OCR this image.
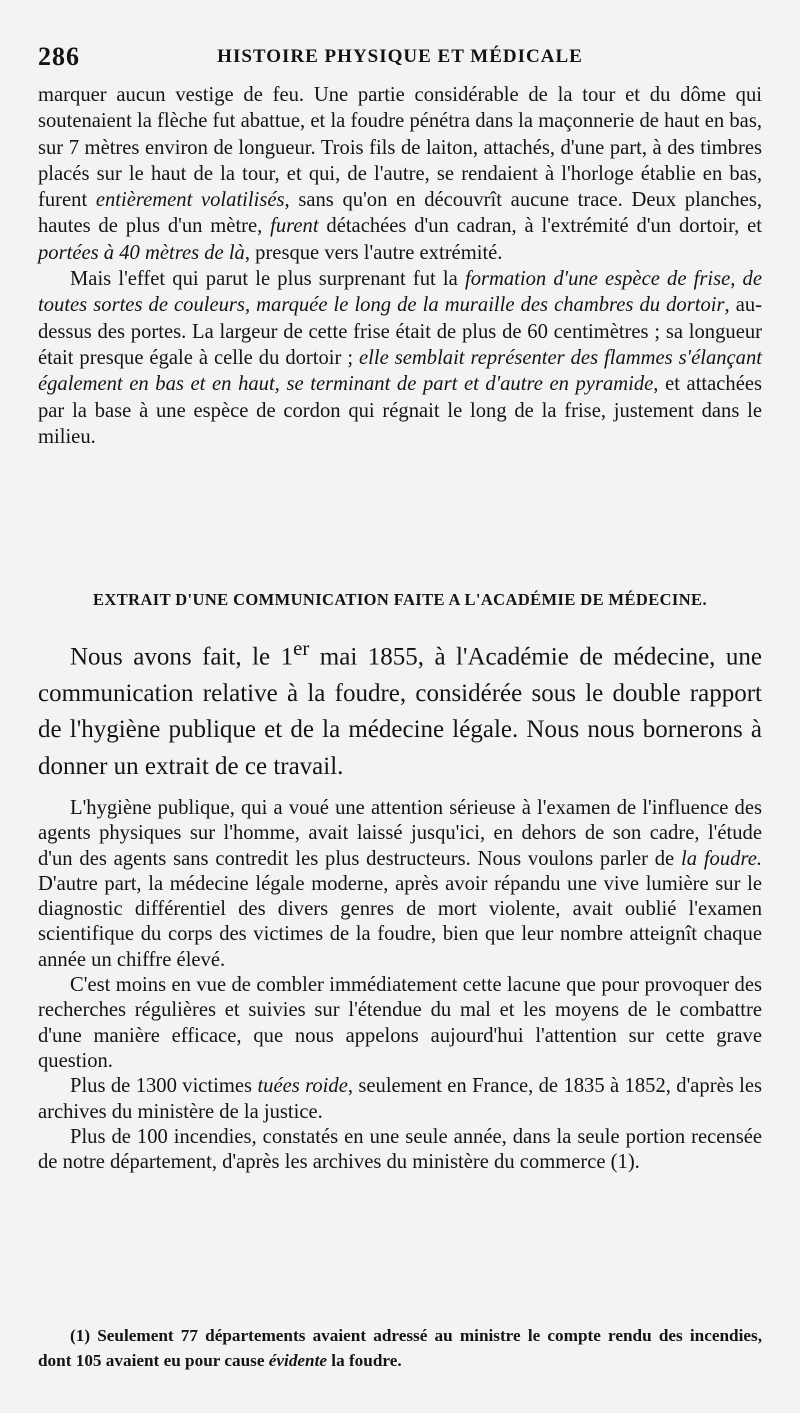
286	HISTOIRE PHYSIQUE ET MÉDICALE

marquer aucun vestige de feu. Une partie considérable de la tour et du dôme qui soutenaient la flèche fut abattue, et la foudre pénétra dans la maçonnerie de haut en bas, sur 7 mètres environ de longueur. Trois fils de laiton, attachés, d'une part, à des timbres placés sur le haut de la tour, et qui, de l'autre, se rendaient à l'horloge établie en bas, furent entièrement volatilisés, sans qu'on en découvrît aucune trace. Deux planches, hautes de plus d'un mètre, furent détachées d'un cadran, à l'extrémité d'un dortoir, et portées à 40 mètres de là, presque vers l'autre extrémité.

Mais l'effet qui parut le plus surprenant fut la formation d'une espèce de frise, de toutes sortes de couleurs, marquée le long de la muraille des chambres du dortoir, au-dessus des portes. La largeur de cette frise était de plus de 60 centimètres ; sa longueur était presque égale à celle du dortoir ; elle semblait représenter des flammes s'élançant également en bas et en haut, se terminant de part et d'autre en pyramide, et attachées par la base à une espèce de cordon qui régnait le long de la frise, justement dans le milieu.

EXTRAIT D'UNE COMMUNICATION FAITE A L'ACADÉMIE DE MÉDECINE.

Nous avons fait, le 1er mai 1855, à l'Académie de médecine, une communication relative à la foudre, considérée sous le double rapport de l'hygiène publique et de la médecine légale. Nous nous bornerons à donner un extrait de ce travail.

L'hygiène publique, qui a voué une attention sérieuse à l'examen de l'influence des agents physiques sur l'homme, avait laissé jusqu'ici, en dehors de son cadre, l'étude d'un des agents sans contredit les plus destructeurs. Nous voulons parler de la foudre. D'autre part, la médecine légale moderne, après avoir répandu une vive lumière sur le diagnostic différentiel des divers genres de mort violente, avait oublié l'examen scientifique du corps des victimes de la foudre, bien que leur nombre atteignît chaque année un chiffre élevé.

C'est moins en vue de combler immédiatement cette lacune que pour provoquer des recherches régulières et suivies sur l'étendue du mal et les moyens de le combattre d'une manière efficace, que nous appelons aujourd'hui l'attention sur cette grave question.

Plus de 1300 victimes tuées roide, seulement en France, de 1835 à 1852, d'après les archives du ministère de la justice.

Plus de 100 incendies, constatés en une seule année, dans la seule portion recensée de notre département, d'après les archives du ministère du commerce (1).

(1) Seulement 77 départements avaient adressé au ministre le compte rendu des incendies, dont 105 avaient eu pour cause évidente la foudre.
